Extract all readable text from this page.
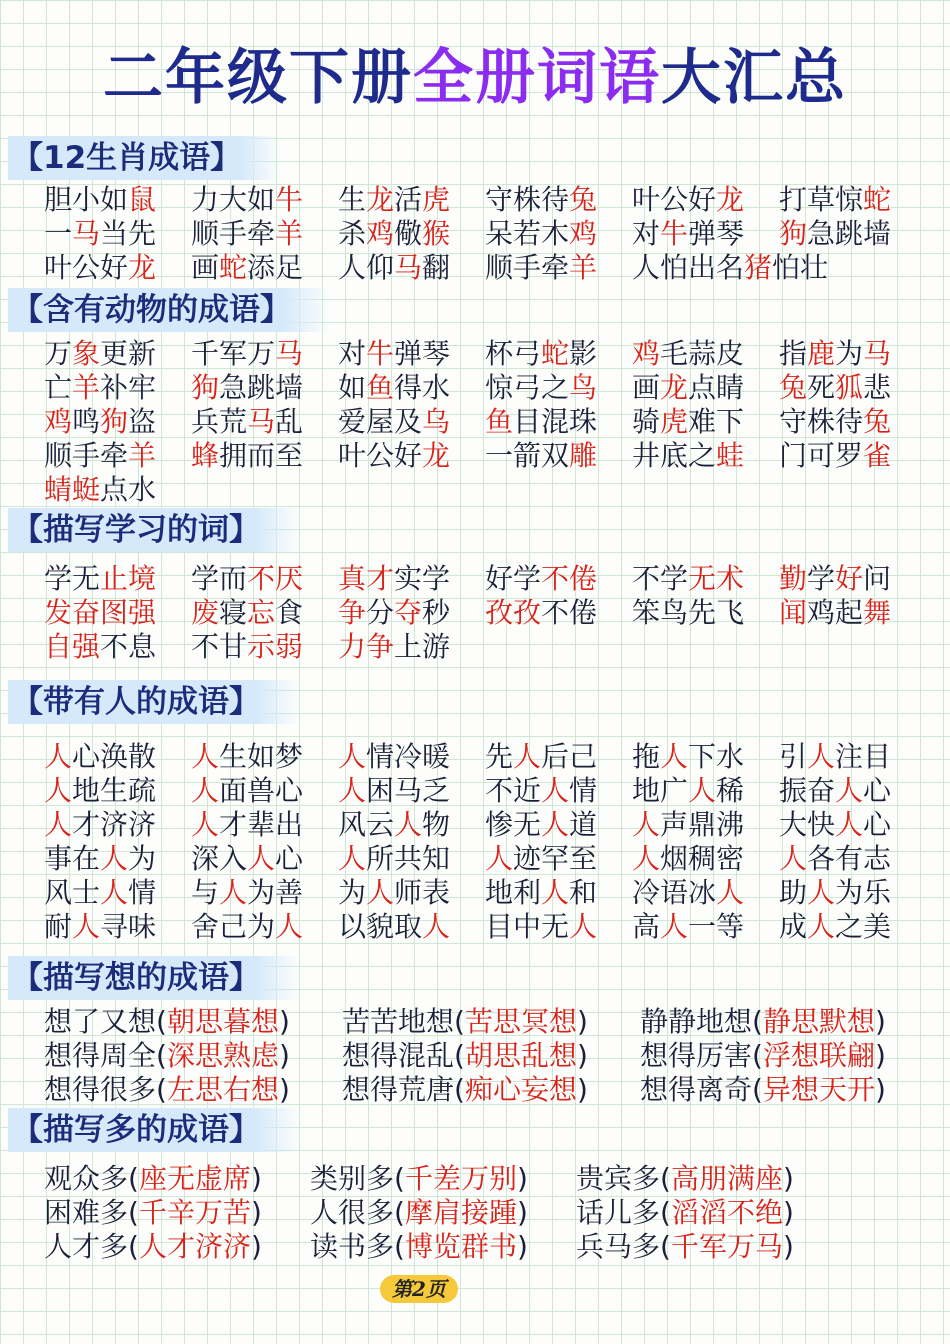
二年级下册全册词语大汇总
【12生肖成语】
【含有动物的成语】
【描写学习的词】
【带有人的成语】
【描写想的成语】
【描写多的成语】
胆小如鼠	力大如牛	生龙活虎	守株待兔	叶公好龙	打草惊蛇
一马当先	顺手牵羊	杀鸡儆猴	呆若木鸡	对牛弹琴	狗急跳墙
叶公好龙	画蛇添足	人仰马翻	顺手牵羊	人怕出名猪怕壮
万象更新	千军万马	对牛弹琴	杯弓蛇影	鸡毛蒜皮	指鹿为马
亡羊补牢	狗急跳墙	如鱼得水	惊弓之鸟	画龙点睛	兔死狐悲
鸡鸣狗盗	兵荒马乱	爱屋及乌	鱼目混珠	骑虎难下	守株待兔
顺手牵羊	蜂拥而至	叶公好龙	一箭双雕	井底之蛙	门可罗雀
蜻蜓点水
学无止境	学而不厌	真才实学	好学不倦	不学无术	勤学好问
发奋图强	废寝忘食	争分夺秒	孜孜不倦	笨鸟先飞	闻鸡起舞
自强不息	不甘示弱	力争上游
人心涣散	人生如梦	人情冷暖	先人后己	拖人下水	引人注目
人地生疏	人面兽心	人困马乏	不近人情	地广人稀	振奋人心
人才济济	人才辈出	风云人物	惨无人道	人声鼎沸	大快人心
事在人为	深入人心	人所共知	人迹罕至	人烟稠密	人各有志
风士人情	与人为善	为人师表	地利人和	冷语冰人	助人为乐
耐人寻味	舍己为人	以貌取人	目中无人	高人一等	成人之美
想了又想(朝思暮想)	苦苦地想(苦思冥想)	静静地想(静思默想)
想得周全(深思熟虑)	想得混乱(胡思乱想)	想得厉害(浮想联翩)
想得很多(左思右想)	想得荒唐(痴心妄想)	想得离奇(异想天开)
观众多(座无虚席)	类别多(千差万别)	贵宾多(高朋满座)
困难多(千辛万苦)	人很多(摩肩接踵)	话儿多(滔滔不绝)
人才多(人才济济)	读书多(博览群书)	兵马多(千军万马)
第2页
